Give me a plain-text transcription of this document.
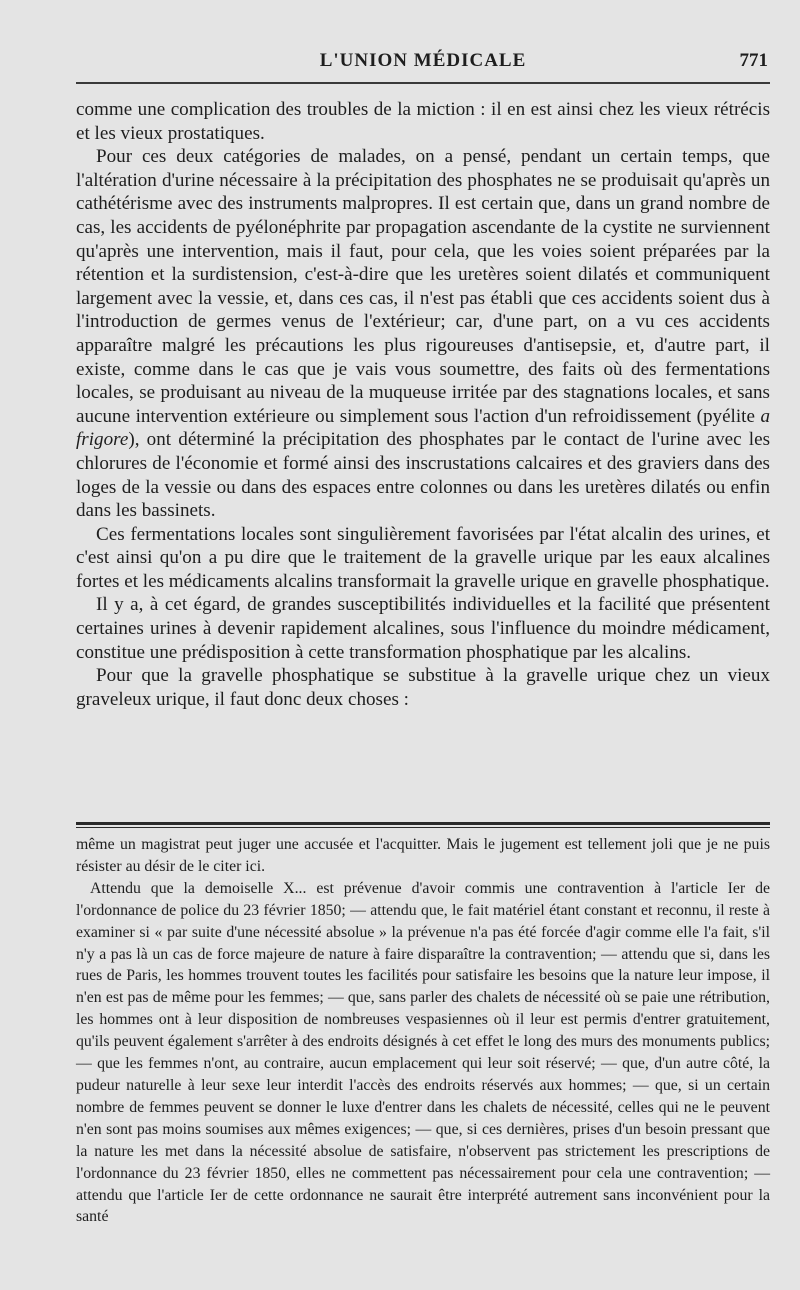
L'UNION MÉDICALE	771

comme une complication des troubles de la miction : il en est ainsi chez les vieux rétrécis et les vieux prostatiques.

Pour ces deux catégories de malades, on a pensé, pendant un certain temps, que l'altération d'urine nécessaire à la précipitation des phosphates ne se produisait qu'après un cathétérisme avec des instruments malpropres. Il est certain que, dans un grand nombre de cas, les accidents de pyélonéphrite par propagation ascendante de la cystite ne surviennent qu'après une intervention, mais il faut, pour cela, que les voies soient préparées par la rétention et la surdistension, c'est-à-dire que les uretères soient dilatés et communiquent largement avec la vessie, et, dans ces cas, il n'est pas établi que ces accidents soient dus à l'introduction de germes venus de l'extérieur; car, d'une part, on a vu ces accidents apparaître malgré les précautions les plus rigoureuses d'antisepsie, et, d'autre part, il existe, comme dans le cas que je vais vous soumettre, des faits où des fermentations locales, se produisant au niveau de la muqueuse irritée par des stagnations locales, et sans aucune intervention extérieure ou simplement sous l'action d'un refroidissement (pyélite a frigore), ont déterminé la précipitation des phosphates par le contact de l'urine avec les chlorures de l'économie et formé ainsi des inscrustations calcaires et des graviers dans des loges de la vessie ou dans des espaces entre colonnes ou dans les uretères dilatés ou enfin dans les bassinets.

Ces fermentations locales sont singulièrement favorisées par l'état alcalin des urines, et c'est ainsi qu'on a pu dire que le traitement de la gravelle urique par les eaux alcalines fortes et les médicaments alcalins transformait la gravelle urique en gravelle phosphatique.

Il y a, à cet égard, de grandes susceptibilités individuelles et la facilité que présentent certaines urines à devenir rapidement alcalines, sous l'influence du moindre médicament, constitue une prédisposition à cette transformation phosphatique par les alcalins.

Pour que la gravelle phosphatique se substitue à la gravelle urique chez un vieux graveleux urique, il faut donc deux choses :

même un magistrat peut juger une accusée et l'acquitter. Mais le jugement est tellement joli que je ne puis résister au désir de le citer ici.

Attendu que la demoiselle X... est prévenue d'avoir commis une contravention à l'article Ier de l'ordonnance de police du 23 février 1850; — attendu que, le fait matériel étant constant et reconnu, il reste à examiner si « par suite d'une nécessité absolue » la prévenue n'a pas été forcée d'agir comme elle l'a fait, s'il n'y a pas là un cas de force majeure de nature à faire disparaître la contravention; — attendu que si, dans les rues de Paris, les hommes trouvent toutes les facilités pour satisfaire les besoins que la nature leur impose, il n'en est pas de même pour les femmes; — que, sans parler des chalets de nécessité où se paie une rétribution, les hommes ont à leur disposition de nombreuses vespasiennes où il leur est permis d'entrer gratuitement, qu'ils peuvent également s'arrêter à des endroits désignés à cet effet le long des murs des monuments publics; — que les femmes n'ont, au contraire, aucun emplacement qui leur soit réservé; — que, d'un autre côté, la pudeur naturelle à leur sexe leur interdit l'accès des endroits réservés aux hommes; — que, si un certain nombre de femmes peuvent se donner le luxe d'entrer dans les chalets de nécessité, celles qui ne le peuvent n'en sont pas moins soumises aux mêmes exigences; — que, si ces dernières, prises d'un besoin pressant que la nature les met dans la nécessité absolue de satisfaire, n'observent pas strictement les prescriptions de l'ordonnance du 23 février 1850, elles ne commettent pas nécessairement pour cela une contravention; — attendu que l'article Ier de cette ordonnance ne saurait être interprété autrement sans inconvénient pour la santé
